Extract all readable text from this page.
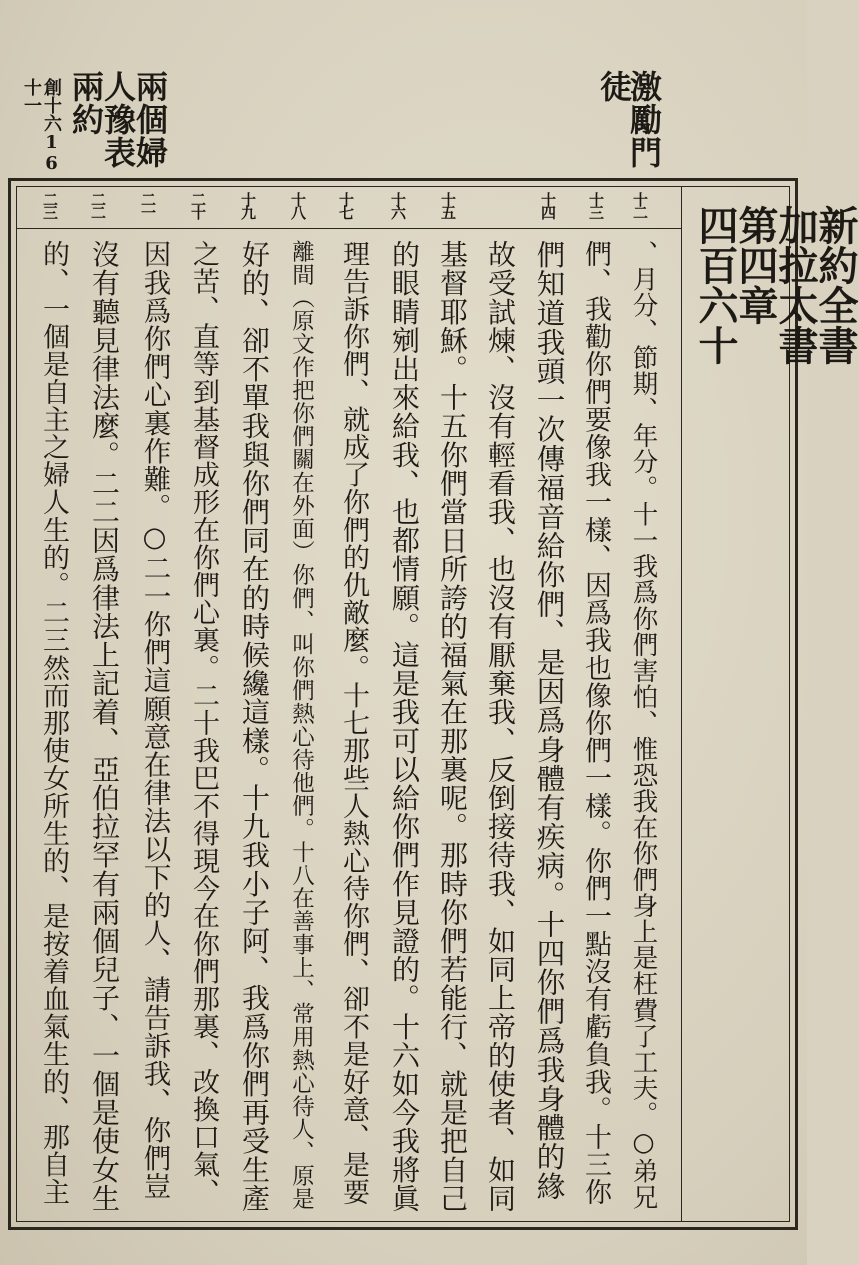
激勵門
徒
兩個婦
人豫表
兩約
創十六16
十一
新約全書
加拉太書
第四章
四百六十
十二
十三
十四
十五
十六
十七
十八
十九
二十
二一
二二
二三
、月分、節期、年分。十一我爲你們害怕、惟恐我在你們身上是枉費了工夫。○弟兄
們、我勸你們要像我一樣、因爲我也像你們一樣。你們一點沒有虧負我。十三你
們知道我頭一次傳福音給你們、是因爲身體有疾病。十四你們爲我身體的緣
故受試煉、沒有輕看我、也沒有厭棄我、反倒接待我、如同上帝的使者、如同
基督耶穌。十五你們當日所誇的福氣在那裏呢。那時你們若能行、就是把自己
的眼睛剜出來給我、也都情願。這是我可以給你們作見證的。十六如今我將眞
理告訴你們、就成了你們的仇敵麼。十七那些人熱心待你們、卻不是好意、是要
離間（原文作把你們關在外面）你們、叫你們熱心待他們。十八在善事上、常用熱心待人、原是
好的、卻不單我與你們同在的時候纔這樣。十九我小子阿、我爲你們再受生產
之苦、直等到基督成形在你們心裏。二十我巴不得現今在你們那裏、改換口氣、
因我爲你們心裏作難。○二一你們這願意在律法以下的人、請告訴我、你們豈
沒有聽見律法麼。二二因爲律法上記着、亞伯拉罕有兩個兒子、一個是使女生
的、一個是自主之婦人生的。二三然而那使女所生的、是按着血氣生的、那自主
